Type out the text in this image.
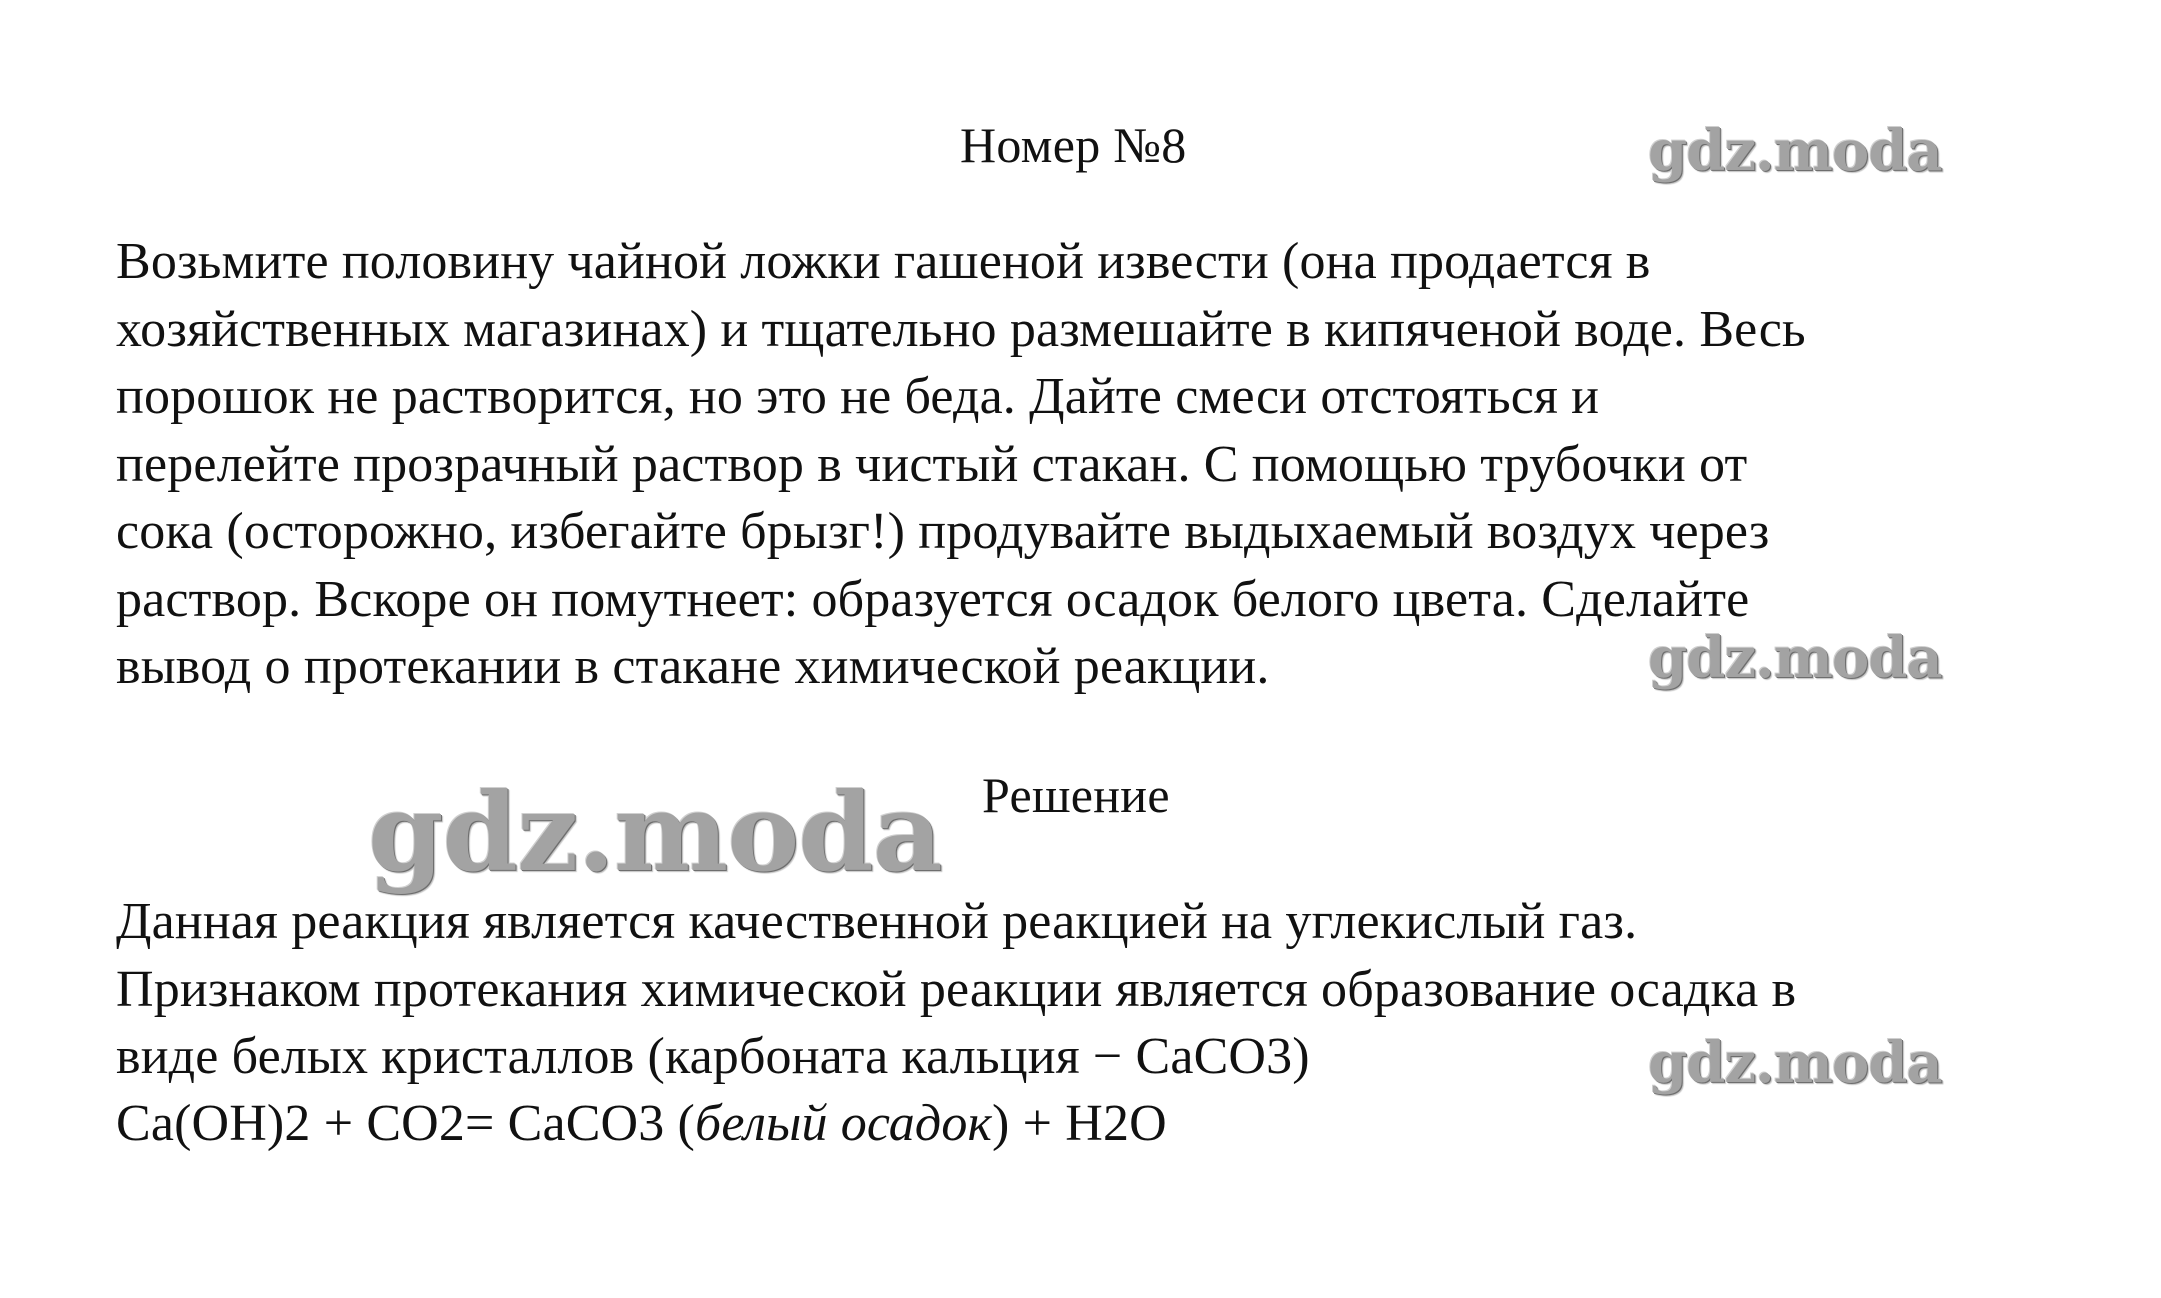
Номер №8	gdz.moda
Возьмите половину чайной ложки гашеной извести (она продается в
хозяйственных магазинах) и тщательно размешайте в кипяченой воде. Весь
порошок не растворится, но это не беда. Дайте смеси отстояться и
перелейте прозрачный раствор в чистый стакан. С помощью трубочки от
сока (осторожно, избегайте брызг!) продувайте выдыхаемый воздух через
раствор. Вскоре он помутнеет: образуется осадок белого цвета. Сделайте
вывод о протекании в стакане химической реакции.	gdz.moda
gdz.moda Решение
Данная реакция является качественной реакцией на углекислый газ.
Признаком протекания химической реакции является образование осадка в
виде белых кристаллов (карбоната кальция − CaCO3)	gdz.moda
Ca(OH)2 + CO2= CaCO3 (белый осадок) + H2O
